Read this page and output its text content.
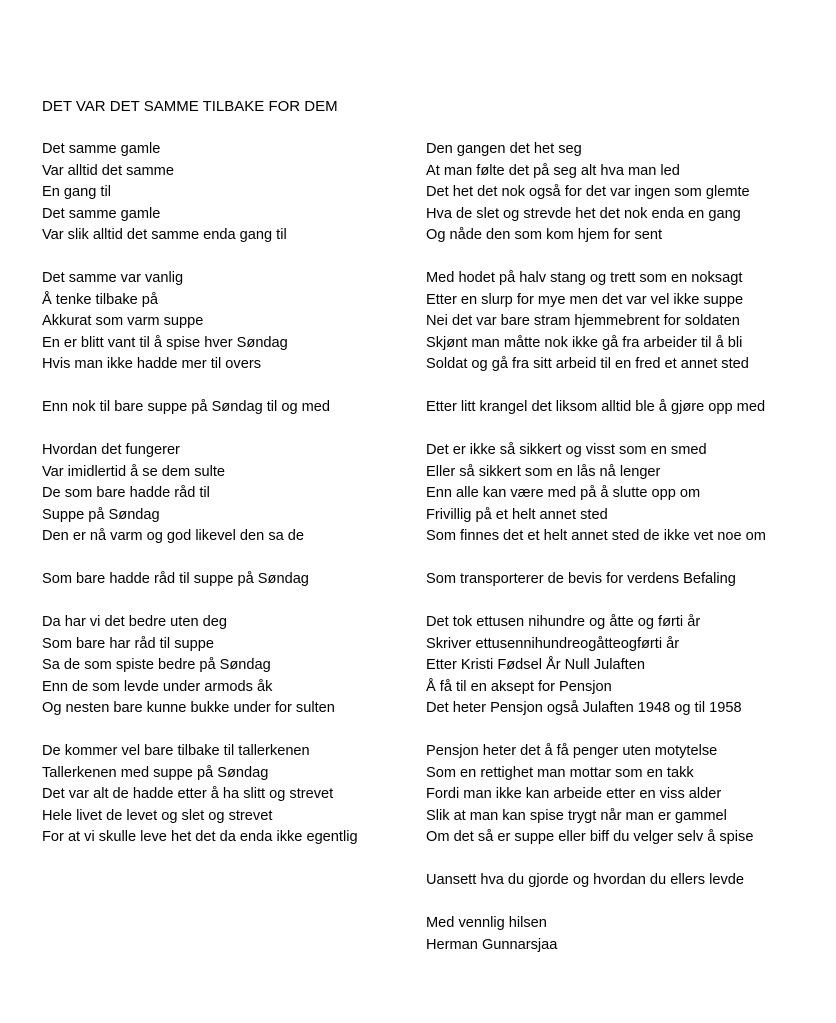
DET VAR DET SAMME TILBAKE FOR DEM
Det samme gamle
Var alltid det samme
En gang til
Det samme gamle
Var slik alltid det samme enda gang til
Det samme var vanlig
Å tenke tilbake på
Akkurat som varm suppe
En er blitt vant til å spise hver Søndag
Hvis man ikke hadde mer til overs
Enn nok til bare suppe på Søndag til og med
Hvordan det fungerer
Var imidlertid å se dem sulte
De som bare hadde råd til
Suppe på Søndag
Den er nå varm og god likevel den sa de
Som bare hadde råd til suppe på Søndag
Da har vi det bedre uten deg
Som bare har råd til suppe
Sa de som spiste bedre på Søndag
Enn de som levde under armods åk
Og nesten bare kunne bukke under for sulten
De kommer vel bare tilbake til tallerkenen
Tallerkenen med suppe på Søndag
Det var alt de hadde etter å ha slitt og strevet
Hele livet de levet og slet og strevet
For at vi skulle leve het det da enda ikke egentlig
Den gangen det het seg
At man følte det på seg alt hva man led
Det het det nok også for det var ingen som glemte
Hva de slet og strevde het det nok enda en gang
Og nåde den som kom hjem for sent
Med hodet på halv stang og trett som en noksagt
Etter en slurp for mye men det var vel ikke suppe
Nei det var bare stram hjemmebrent for soldaten
Skjønt man måtte nok ikke gå fra arbeider til å bli
Soldat og gå fra sitt arbeid til en fred et annet sted
Etter litt krangel det liksom alltid ble å gjøre opp med
Det er ikke så sikkert og visst som en smed
Eller så sikkert som en lås nå lenger
Enn alle kan være med på å slutte opp om
Frivillig på et helt annet sted
Som finnes det et helt annet sted de ikke vet noe om
Som transporterer de bevis for verdens Befaling
Det tok ettusen nihundre og åtte og førti år
Skriver ettusennihundreogåtteogførti år
Etter Kristi Fødsel År Null Julaften
Å få til en aksept for Pensjon
Det heter Pensjon også Julaften 1948 og til 1958
Pensjon heter det å få penger uten motytelse
Som en rettighet man mottar som en takk
Fordi man ikke kan arbeide etter en viss alder
Slik at man kan spise trygt når man er gammel
Om det så er suppe eller biff du velger selv å spise
Uansett hva du gjorde og hvordan du ellers levde
Med vennlig hilsen
Herman Gunnarsjaa
